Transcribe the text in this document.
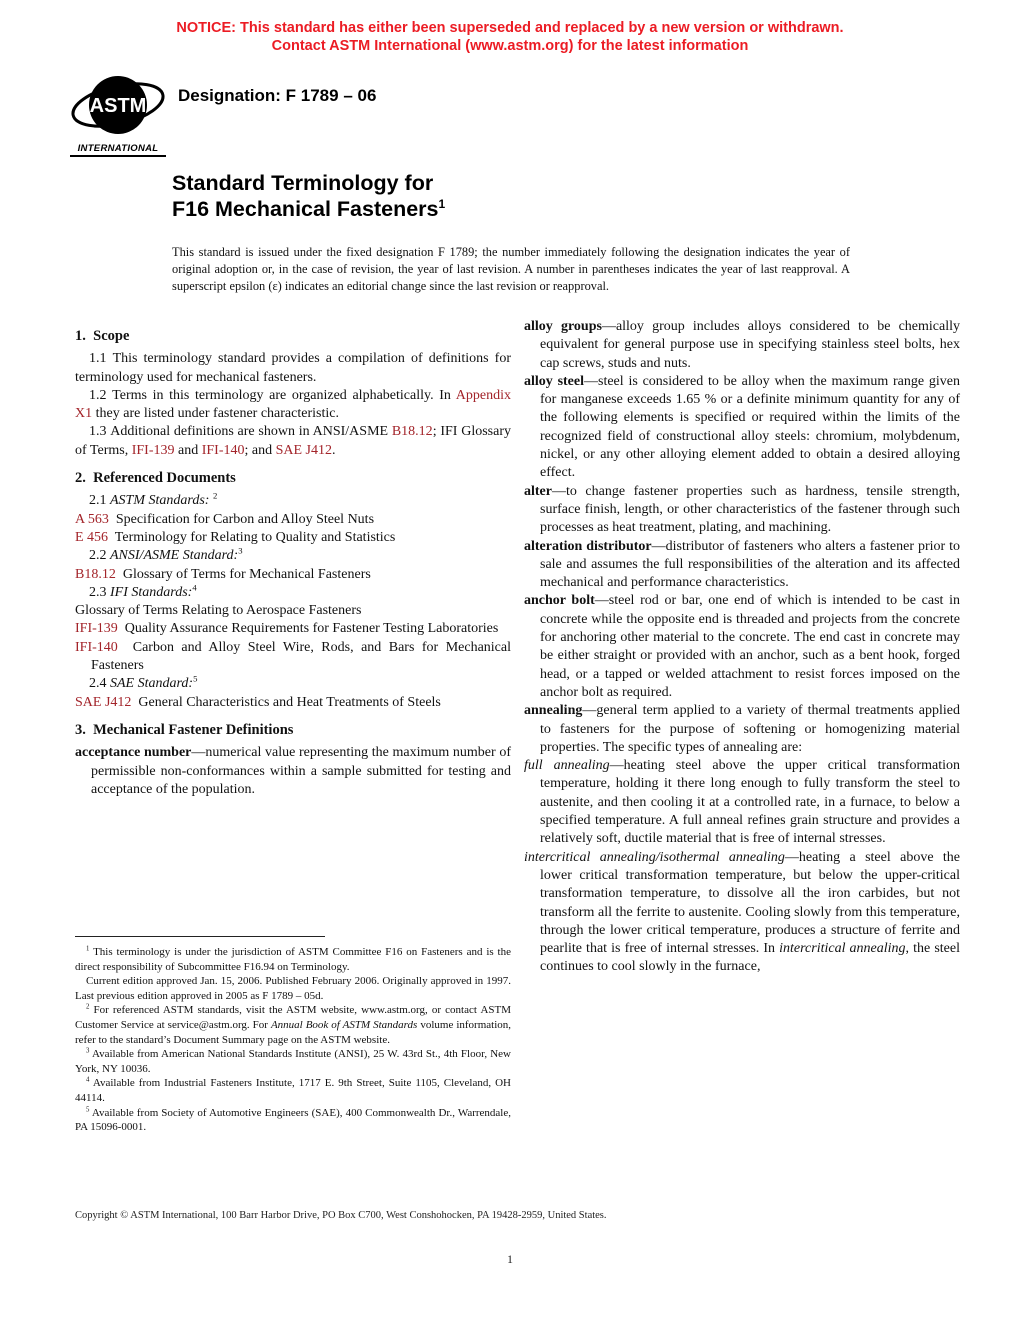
NOTICE: This standard has either been superseded and replaced by a new version or withdrawn.
Contact ASTM International (www.astm.org) for the latest information
ASTM
INTERNATIONAL
Designation: F 1789 – 06
Standard Terminology for
F16 Mechanical Fasteners$^1$
This standard is issued under the fixed designation F 1789; the number immediately following the designation indicates the year of original adoption or, in the case of revision, the year of last revision. A number in parentheses indicates the year of last reapproval. A superscript epsilon (ε) indicates an editorial change since the last revision or reapproval.

1.  Scope

1.1 This terminology standard provides a compilation of definitions for terminology used for mechanical fasteners.

1.2 Terms in this terminology are organized alphabetically. In Appendix X1 they are listed under fastener characteristic.

1.3 Additional definitions are shown in ANSI/ASME B18.12; IFI Glossary of Terms, IFI-139 and IFI-140; and SAE J412.

2.  Referenced Documents

2.1 ASTM Standards: $^2$

A 563  Specification for Carbon and Alloy Steel Nuts

E 456  Terminology for Relating to Quality and Statistics

2.2 ANSI/ASME Standard:$^3$

B18.12  Glossary of Terms for Mechanical Fasteners

2.3 IFI Standards:$^4$

Glossary of Terms Relating to Aerospace Fasteners

IFI-139  Quality Assurance Requirements for Fastener Testing Laboratories

IFI-140  Carbon and Alloy Steel Wire, Rods, and Bars for Mechanical Fasteners

2.4 SAE Standard:$^5$

SAE J412  General Characteristics and Heat Treatments of Steels

3.  Mechanical Fastener Definitions

acceptance number—numerical value representing the maximum number of permissible non-conformances within a sample submitted for testing and acceptance of the population.

alloy groups—alloy group includes alloys considered to be chemically equivalent for general purpose use in specifying stainless steel bolts, hex cap screws, studs and nuts.

alloy steel—steel is considered to be alloy when the maximum range given for manganese exceeds 1.65 % or a definite minimum quantity for any of the following elements is specified or required within the limits of the recognized field of constructional alloy steels: chromium, molybdenum, nickel, or any other alloying element added to obtain a desired alloying effect.

alter—to change fastener properties such as hardness, tensile strength, surface finish, length, or other characteristics of the fastener through such processes as heat treatment, plating, and machining.

alteration distributor—distributor of fasteners who alters a fastener prior to sale and assumes the full responsibilities of the alteration and its affected mechanical and performance characteristics.

anchor bolt—steel rod or bar, one end of which is intended to be cast in concrete while the opposite end is threaded and projects from the concrete for anchoring other material to the concrete. The end cast in concrete may be either straight or provided with an anchor, such as a bent hook, forged head, or a tapped or welded attachment to resist forces imposed on the anchor bolt as required.

annealing—general term applied to a variety of thermal treatments applied to fasteners for the purpose of softening or homogenizing material properties. The specific types of annealing are:

full annealing—heating steel above the upper critical transformation temperature, holding it there long enough to fully transform the steel to austenite, and then cooling it at a controlled rate, in a furnace, to below a specified temperature. A full anneal refines grain structure and provides a relatively soft, ductile material that is free of internal stresses.

intercritical annealing/isothermal annealing—heating a steel above the lower critical transformation temperature, but below the upper-critical transformation temperature, to dissolve all the iron carbides, but not transform all the ferrite to austenite. Cooling slowly from this temperature, through the lower critical temperature, produces a structure of ferrite and pearlite that is free of internal stresses. In intercritical annealing, the steel continues to cool slowly in the furnace,

$^1$ This terminology is under the jurisdiction of ASTM Committee F16 on Fasteners and is the direct responsibility of Subcommittee F16.94 on Terminology.

Current edition approved Jan. 15, 2006. Published February 2006. Originally approved in 1997. Last previous edition approved in 2005 as F 1789 – 05d.

$^2$ For referenced ASTM standards, visit the ASTM website, www.astm.org, or contact ASTM Customer Service at service@astm.org. For Annual Book of ASTM Standards volume information, refer to the standard’s Document Summary page on the ASTM website.

$^3$ Available from American National Standards Institute (ANSI), 25 W. 43rd St., 4th Floor, New York, NY 10036.

$^4$ Available from Industrial Fasteners Institute, 1717 E. 9th Street, Suite 1105, Cleveland, OH 44114.

$^5$ Available from Society of Automotive Engineers (SAE), 400 Commonwealth Dr., Warrendale, PA 15096-0001.

Copyright © ASTM International, 100 Barr Harbor Drive, PO Box C700, West Conshohocken, PA 19428-2959, United States.
1
